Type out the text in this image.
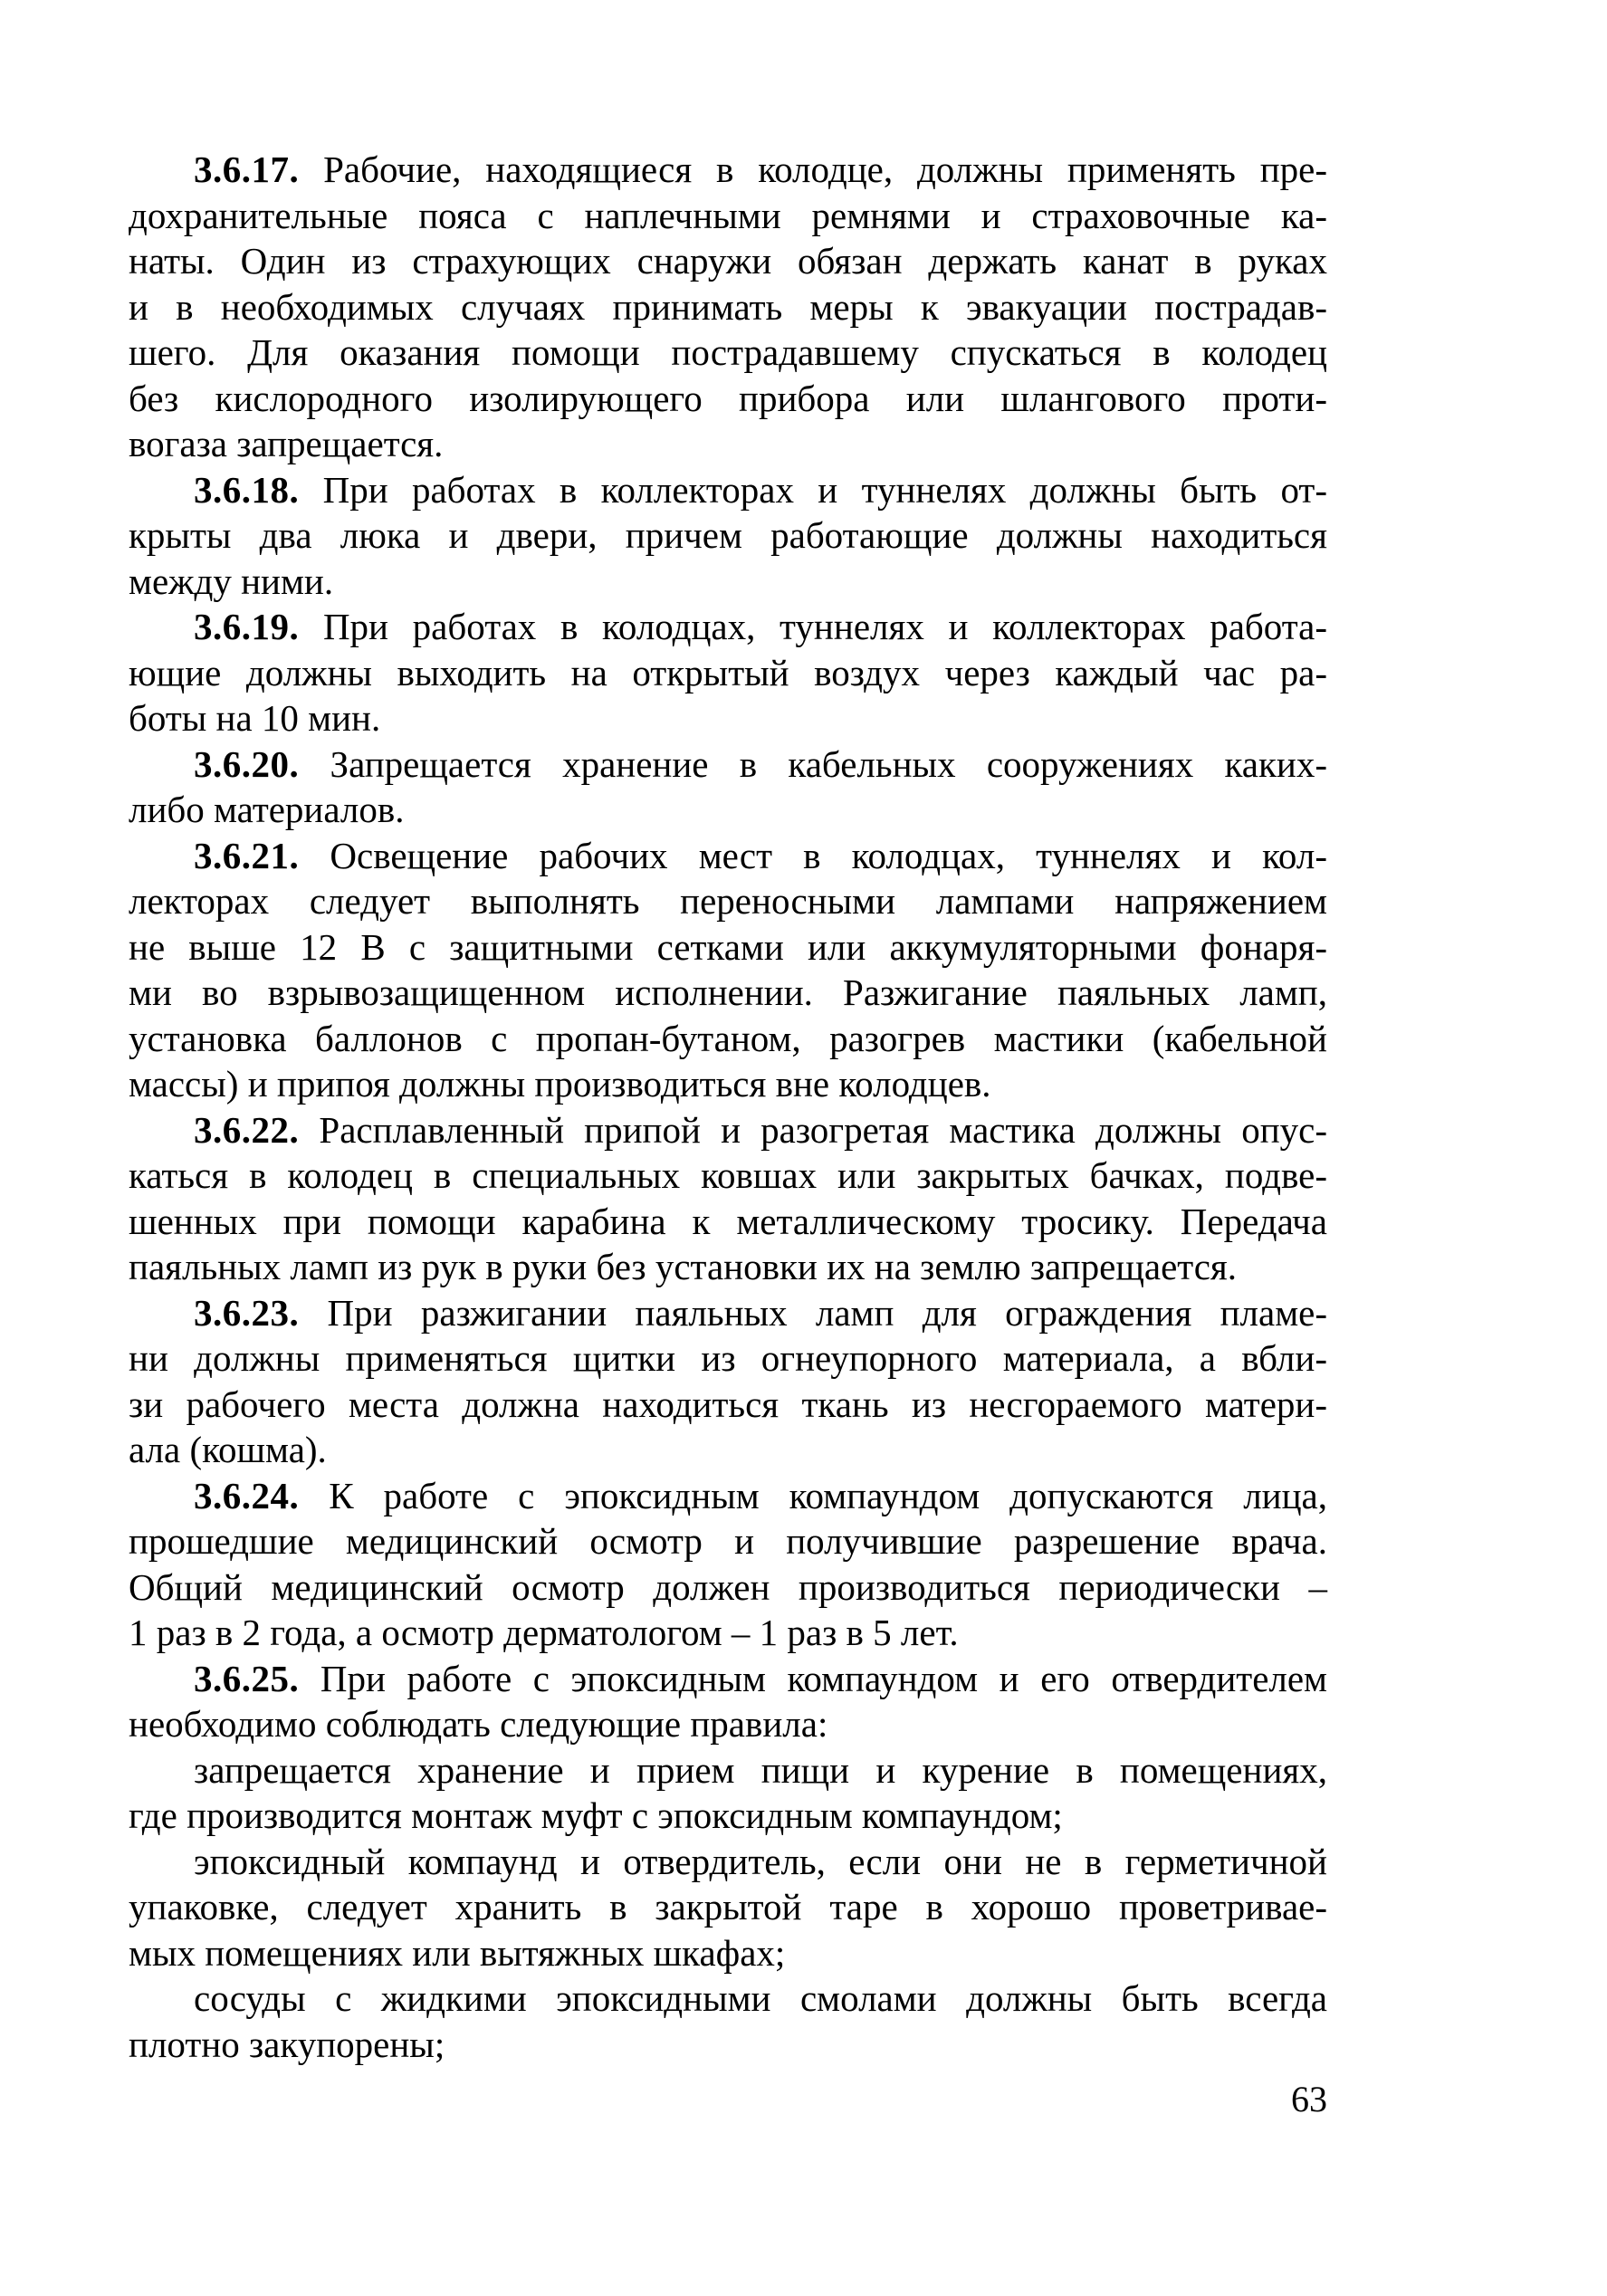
3.6.17. Рабочие, находящиеся в колодце, должны применять пре-
дохранительные пояса с наплечными ремнями и страховочные ка-
наты. Один из страхующих снаружи обязан держать канат в руках
и в необходимых случаях принимать меры к эвакуации пострадав-
шего. Для оказания помощи пострадавшему спускаться в колодец
без кислородного изолирующего прибора или шлангового проти-
вогаза запрещается.
3.6.18. При работах в коллекторах и туннелях должны быть от-
крыты два люка и двери, причем работающие должны находиться
между ними.
3.6.19. При работах в колодцах, туннелях и коллекторах работа-
ющие должны выходить на открытый воздух через каждый час ра-
боты на 10 мин.
3.6.20. Запрещается хранение в кабельных сооружениях каких-
либо материалов.
3.6.21. Освещение рабочих мест в колодцах, туннелях и кол-
лекторах следует выполнять переносными лампами напряжением
не выше 12 В с защитными сетками или аккумуляторными фонаря-
ми во взрывозащищенном исполнении. Разжигание паяльных ламп,
установка баллонов с пропан-бутаном, разогрев мастики (кабельной
массы) и припоя должны производиться вне колодцев.
3.6.22. Расплавленный припой и разогретая мастика должны опус-
каться в колодец в специальных ковшах или закрытых бачках, подве-
шенных при помощи карабина к металлическому тросику. Передача
паяльных ламп из рук в руки без установки их на землю запрещается.
3.6.23. При разжигании паяльных ламп для ограждения пламе-
ни должны применяться щитки из огнеупорного материала, а вбли-
зи рабочего места должна находиться ткань из несгораемого матери-
ала (кошма).
3.6.24. К работе с эпоксидным компаундом допускаются лица,
прошедшие медицинский осмотр и получившие разрешение врача.
Общий медицинский осмотр должен производиться периодически –
1 раз в 2 года, а осмотр дерматологом – 1 раз в 5 лет.
3.6.25. При работе с эпоксидным компаундом и его отвердителем
необходимо соблюдать следующие правила:
запрещается хранение и прием пищи и курение в помещениях,
где производится монтаж муфт с эпоксидным компаундом;
эпоксидный компаунд и отвердитель, если они не в герметичной
упаковке, следует хранить в закрытой таре в хорошо проветривае-
мых помещениях или вытяжных шкафах;
сосуды с жидкими эпоксидными смолами должны быть всегда
плотно закупорены;
63
